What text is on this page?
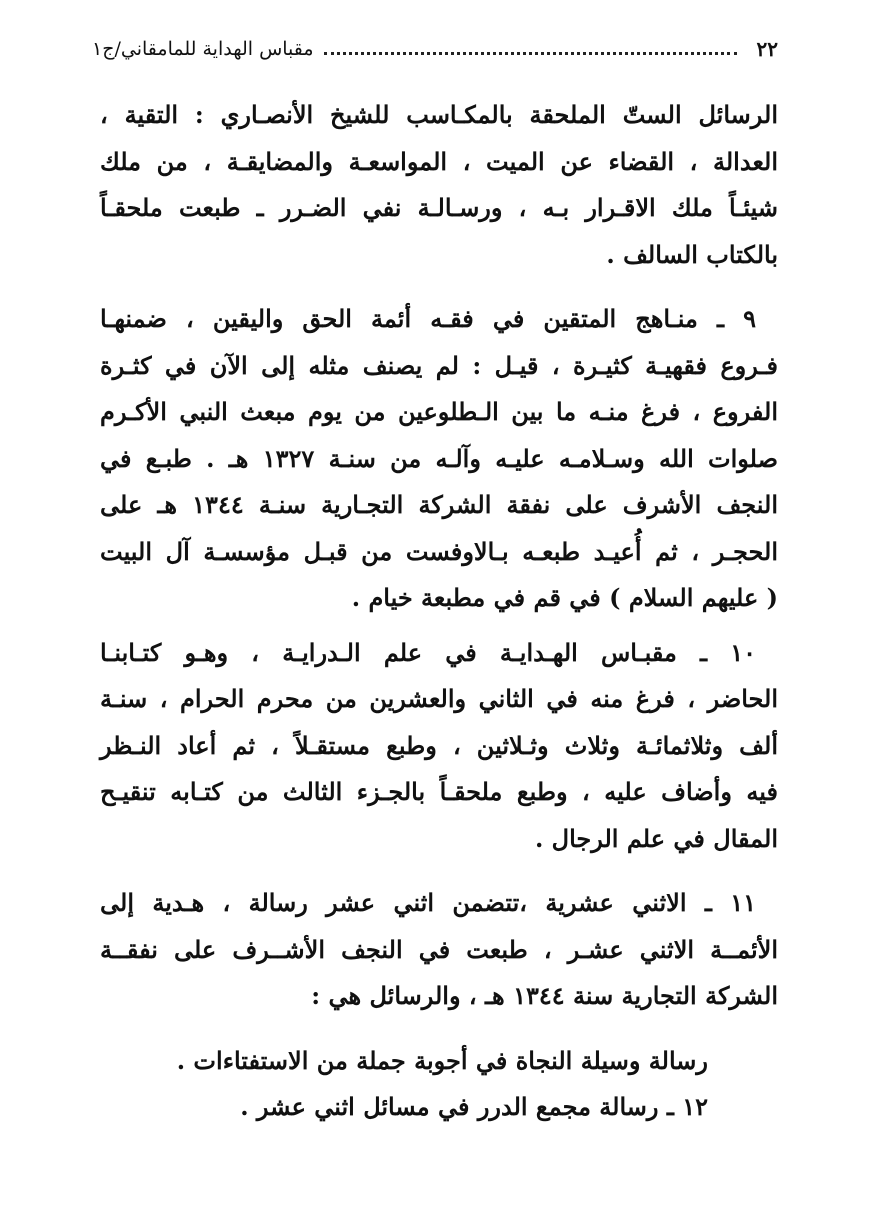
٢٢
مقباس الهداية للمامقاني/ج١

الرسائل الستّ الملحقة بالمكـاسب للشيخ الأنصـاري : التقية ،
العدالة ، القضاء عن الميت ، المواسعـة والمضايقـة ، من ملك
شيئـاً ملك الاقـرار بـه ، ورسـالـة نفي الضـرر ـ طبعت ملحقـاً
بالكتاب السالف .

٩ ـ منـاهج المتقين في فقـه أئمة الحق واليقين ، ضمنهـا
فـروع فقهيـة كثيـرة ، قيـل : لم يصنف مثله إلى الآن في كثـرة
الفروع ، فرغ منـه ما بين الـطلوعين من يوم مبعث النبي الأكـرم
صلوات الله وسـلامـه عليـه وآلـه من سنـة ١٣٢٧ هـ . طبـع في
النجف الأشرف على نفقة الشركة التجـارية سنـة ١٣٤٤ هـ على
الحجـر ، ثم أُعيـد طبعـه بـالاوفست من قبـل مؤسسـة آل البيت
( عليهم السلام ) في قم في مطبعة خيام .

١٠ ـ مقبـاس الهـدايـة في علم الـدرايـة ، وهـو كتـابنـا
الحاضر ، فرغ منه في الثاني والعشرين من محرم الحرام ، سنـة
ألف وثلاثمائـة وثلاث وثـلاثين ، وطبع مستقـلاً ، ثم أعاد النـظر
فيه وأضاف عليه ، وطبع ملحقـاً بالجـزء الثالث من كتـابه تنقيـح
المقال في علم الرجال .

١١ ـ الاثني عشرية ،تتضمن اثني عشر رسالة ، هـدية إلى
الأئمــة الاثني عشـر ، طبعت في النجف الأشــرف على نفقــة
الشركة التجارية سنة ١٣٤٤ هـ ، والرسائل هي :

رسالة وسيلة النجاة في أجوبة جملة من الاستفتاءات .
١٢ ـ رسالة مجمع الدرر في مسائل اثني عشر .
